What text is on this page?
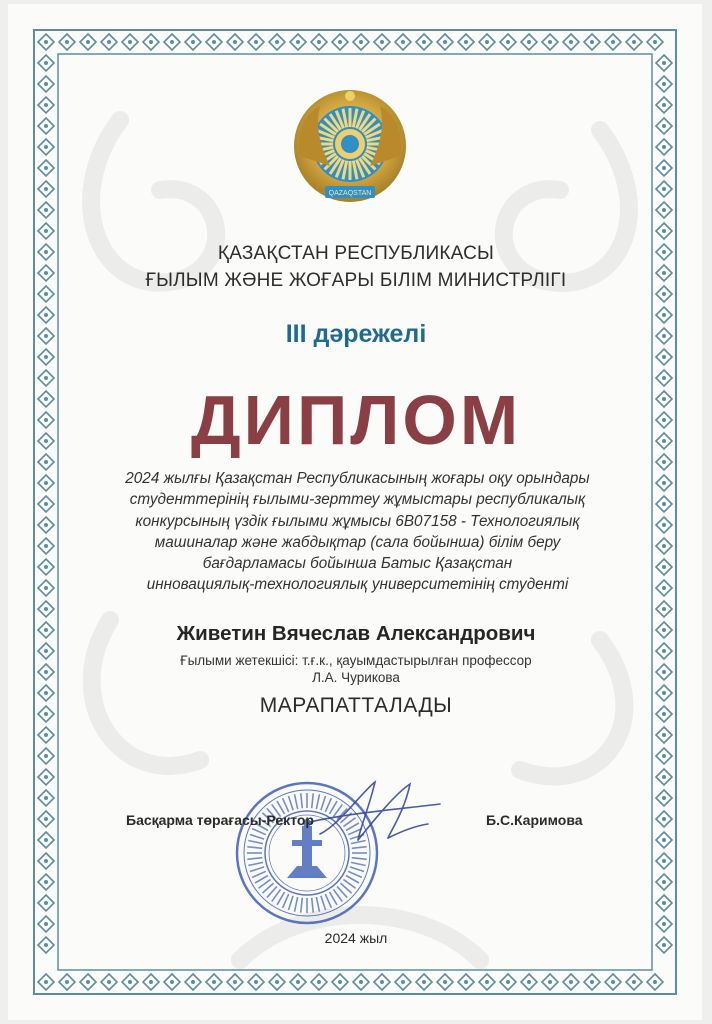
QAZAQSTAN
ҚАЗАҚСТАН РЕСПУБЛИКАСЫ
ҒЫЛЫМ ЖӘНЕ ЖОҒАРЫ БІЛІМ МИНИСТРЛІГІ
III дәрежелі
ДИПЛОМ
2024 жылғы Қазақстан Республикасының жоғары оқу орындары
студенттерінің ғылыми-зерттеу жұмыстары республикалық
конкурсының үздік ғылыми жұмысы 6В07158 - Технологиялық
машиналар және жабдықтар (сала бойынша) білім беру
бағдарламасы бойынша Батыс Қазақстан
инновациялық-технологиялық университетінің студенті
Живетин Вячеслав Александрович
Ғылыми жетекшісі: т.ғ.к., қауымдастырылған профессор
Л.А. Чурикова
МАРАПАТТАЛАДЫ
Басқарма төрағасы-Ректор	Б.С.Каримова
2024 жыл
